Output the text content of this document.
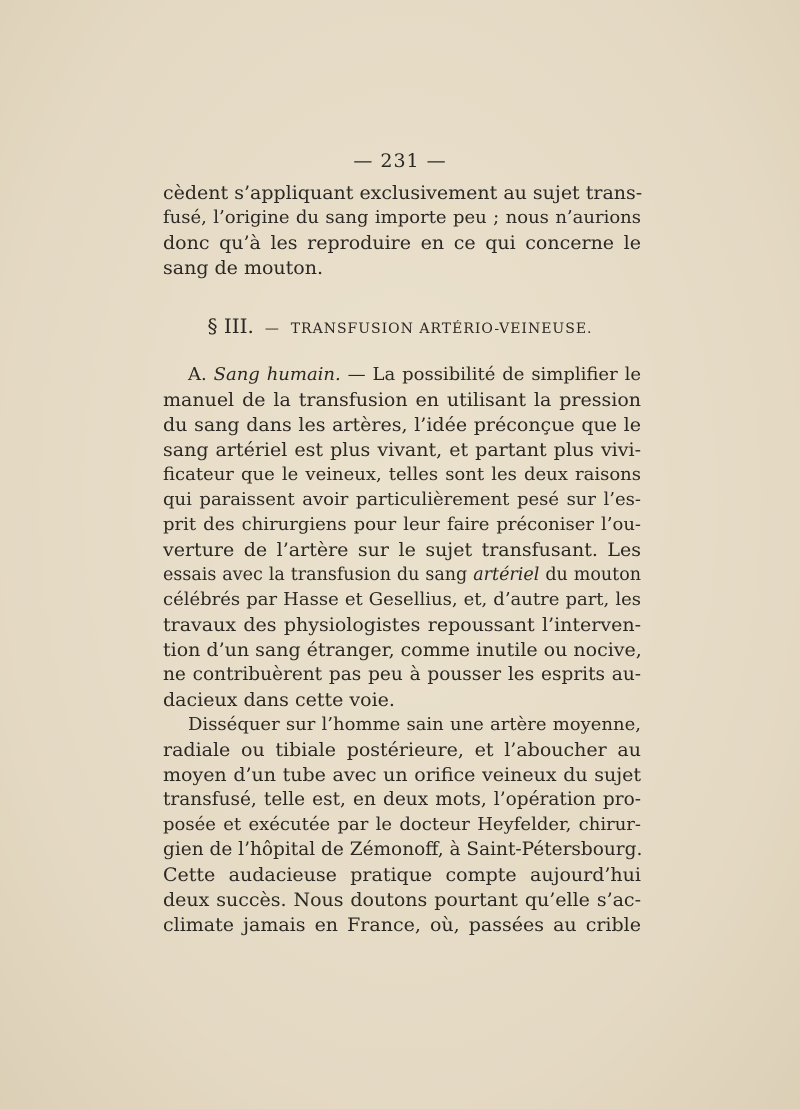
— 231 —
cèdent s’appliquant exclusivement au sujet trans-
fusé, l’origine du sang importe peu ; nous n’aurions
donc qu’à les reproduire en ce qui concerne le
sang de mouton.
§ III. — TRANSFUSION ARTÉRIO-VEINEUSE.
A. Sang humain. — La possibilité de simplifier le
manuel de la transfusion en utilisant la pression
du sang dans les artères, l’idée préconçue que le
sang artériel est plus vivant, et partant plus vivi-
ficateur que le veineux, telles sont les deux raisons
qui paraissent avoir particulièrement pesé sur l’es-
prit des chirurgiens pour leur faire préconiser l’ou-
verture de l’artère sur le sujet transfusant. Les
essais avec la transfusion du sang artériel du mouton
célébrés par Hasse et Gesellius, et, d’autre part, les
travaux des physiologistes repoussant l’interven-
tion d’un sang étranger, comme inutile ou nocive,
ne contribuèrent pas peu à pousser les esprits au-
dacieux dans cette voie.
Disséquer sur l’homme sain une artère moyenne,
radiale ou tibiale postérieure, et l’aboucher au
moyen d’un tube avec un orifice veineux du sujet
transfusé, telle est, en deux mots, l’opération pro-
posée et exécutée par le docteur Heyfelder, chirur-
gien de l’hôpital de Zémonoff, à Saint-Pétersbourg.
Cette audacieuse pratique compte aujourd’hui
deux succès. Nous doutons pourtant qu’elle s’ac-
climate jamais en France, où, passées au crible
